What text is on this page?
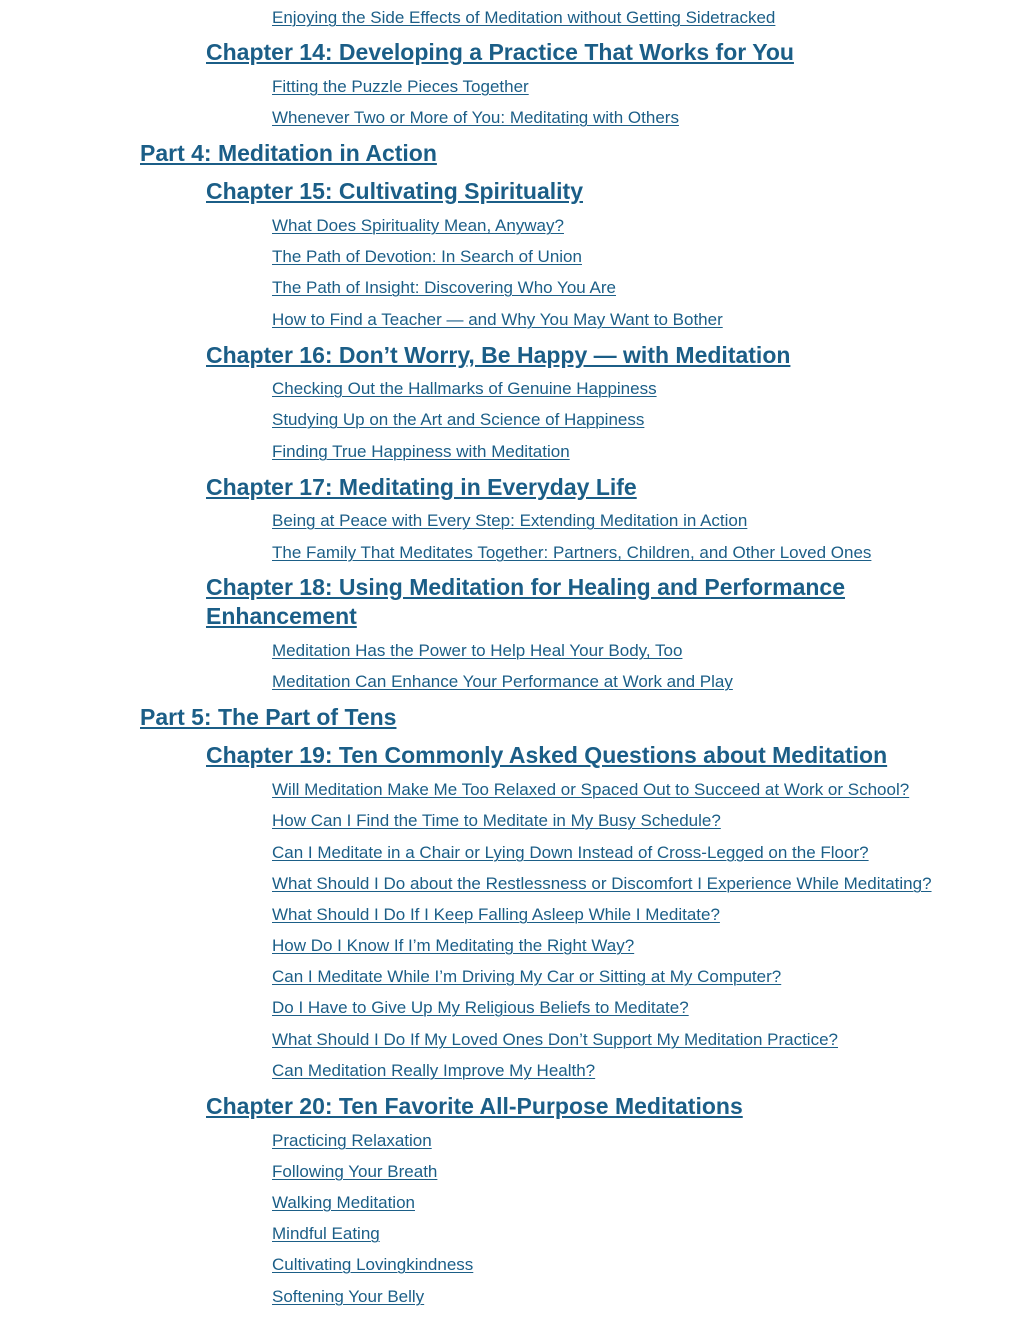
Enjoying the Side Effects of Meditation without Getting Sidetracked
Chapter 14: Developing a Practice That Works for You
Fitting the Puzzle Pieces Together
Whenever Two or More of You: Meditating with Others
Part 4: Meditation in Action
Chapter 15: Cultivating Spirituality
What Does Spirituality Mean, Anyway?
The Path of Devotion: In Search of Union
The Path of Insight: Discovering Who You Are
How to Find a Teacher — and Why You May Want to Bother
Chapter 16: Don’t Worry, Be Happy — with Meditation
Checking Out the Hallmarks of Genuine Happiness
Studying Up on the Art and Science of Happiness
Finding True Happiness with Meditation
Chapter 17: Meditating in Everyday Life
Being at Peace with Every Step: Extending Meditation in Action
The Family That Meditates Together: Partners, Children, and Other Loved Ones
Chapter 18: Using Meditation for Healing and Performance Enhancement
Meditation Has the Power to Help Heal Your Body, Too
Meditation Can Enhance Your Performance at Work and Play
Part 5: The Part of Tens
Chapter 19: Ten Commonly Asked Questions about Meditation
Will Meditation Make Me Too Relaxed or Spaced Out to Succeed at Work or School?
How Can I Find the Time to Meditate in My Busy Schedule?
Can I Meditate in a Chair or Lying Down Instead of Cross-Legged on the Floor?
What Should I Do about the Restlessness or Discomfort I Experience While Meditating?
What Should I Do If I Keep Falling Asleep While I Meditate?
How Do I Know If I’m Meditating the Right Way?
Can I Meditate While I’m Driving My Car or Sitting at My Computer?
Do I Have to Give Up My Religious Beliefs to Meditate?
What Should I Do If My Loved Ones Don’t Support My Meditation Practice?
Can Meditation Really Improve My Health?
Chapter 20: Ten Favorite All-Purpose Meditations
Practicing Relaxation
Following Your Breath
Walking Meditation
Mindful Eating
Cultivating Lovingkindness
Softening Your Belly
